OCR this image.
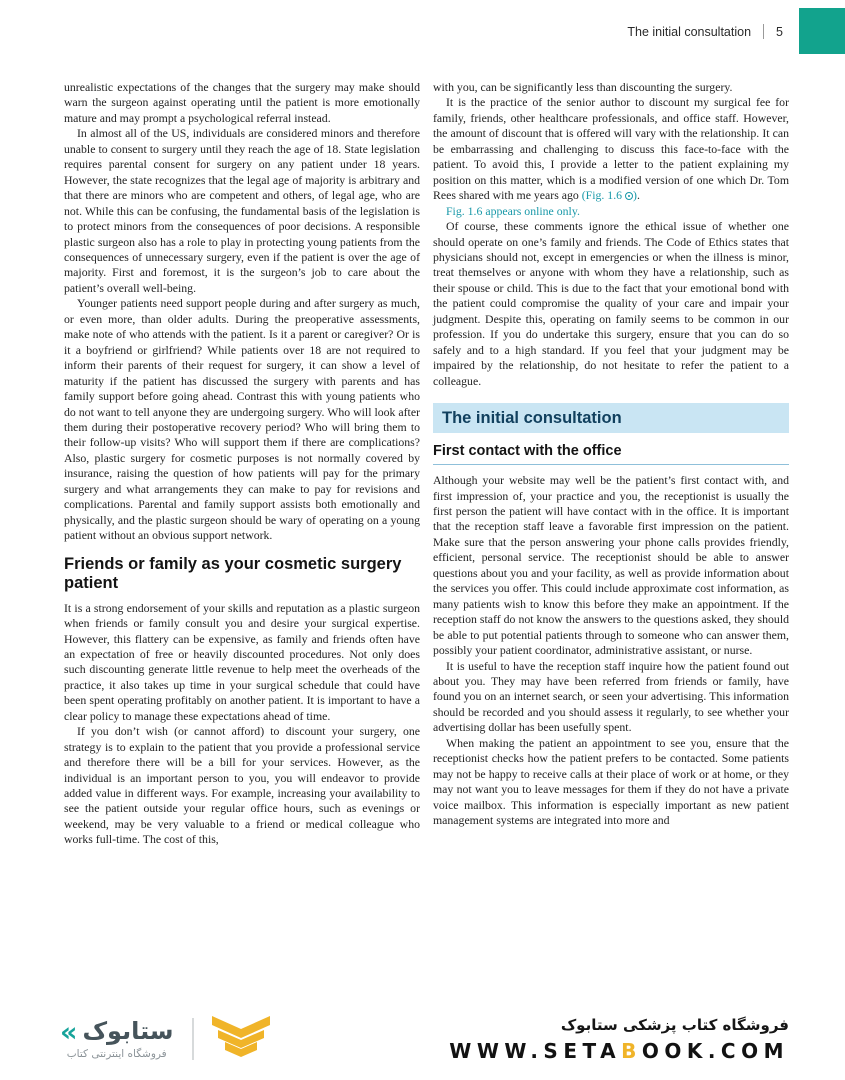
The initial consultation 5

unrealistic expectations of the changes that the surgery may make should warn the surgeon against operating until the patient is more emotionally mature and may prompt a psychological referral instead.

In almost all of the US, individuals are considered minors and therefore unable to consent to surgery until they reach the age of 18. State legislation requires parental consent for surgery on any patient under 18 years. However, the state recognizes that the legal age of majority is arbitrary and that there are minors who are competent and others, of legal age, who are not. While this can be confusing, the fundamental basis of the legislation is to protect minors from the consequences of poor decisions. A responsible plastic surgeon also has a role to play in protecting young patients from the consequences of unnecessary surgery, even if the patient is over the age of majority. First and foremost, it is the surgeon’s job to care about the patient’s overall well-being.

Younger patients need support people during and after surgery as much, or even more, than older adults. During the preoperative assessments, make note of who attends with the patient. Is it a parent or caregiver? Or is it a boyfriend or girlfriend? While patients over 18 are not required to inform their parents of their request for surgery, it can show a level of maturity if the patient has discussed the surgery with parents and has family support before going ahead. Contrast this with young patients who do not want to tell anyone they are undergoing surgery. Who will look after them during their postoperative recovery period? Who will bring them to their follow-up visits? Who will support them if there are complications? Also, plastic surgery for cosmetic purposes is not normally covered by insurance, raising the question of how patients will pay for the primary surgery and what arrangements they can make to pay for revisions and complications. Parental and family support assists both emotionally and physically, and the plastic surgeon should be wary of operating on a young patient without an obvious support network.

Friends or family as your cosmetic surgery patient

It is a strong endorsement of your skills and reputation as a plastic surgeon when friends or family consult you and desire your surgical expertise. However, this flattery can be expensive, as family and friends often have an expectation of free or heavily discounted procedures. Not only does such discounting generate little revenue to help meet the overheads of the practice, it also takes up time in your surgical schedule that could have been spent operating profitably on another patient. It is important to have a clear policy to manage these expectations ahead of time.

If you don’t wish (or cannot afford) to discount your surgery, one strategy is to explain to the patient that you provide a professional service and therefore there will be a bill for your services. However, as the individual is an important person to you, you will endeavor to provide added value in different ways. For example, increasing your availability to see the patient outside your regular office hours, such as evenings or weekend, may be very valuable to a friend or medical colleague who works full-time. The cost of this,

with you, can be significantly less than discounting the surgery.

It is the practice of the senior author to discount my surgical fee for family, friends, other healthcare professionals, and office staff. However, the amount of discount that is offered will vary with the relationship. It can be embarrassing and challenging to discuss this face-to-face with the patient. To avoid this, I provide a letter to the patient explaining my position on this matter, which is a modified version of one which Dr. Tom Rees shared with me years ago (Fig. 1.6 ).

Fig. 1.6 appears online only.

Of course, these comments ignore the ethical issue of whether one should operate on one’s family and friends. The Code of Ethics states that physicians should not, except in emergencies or when the illness is minor, treat themselves or anyone with whom they have a relationship, such as their spouse or child. This is due to the fact that your emotional bond with the patient could compromise the quality of your care and impair your judgment. Despite this, operating on family seems to be common in our profession. If you do undertake this surgery, ensure that you can do so safely and to a high standard. If you feel that your judgment may be impaired by the relationship, do not hesitate to refer the patient to a colleague.

The initial consultation
First contact with the office

Although your website may well be the patient’s first contact with, and first impression of, your practice and you, the receptionist is usually the first person the patient will have contact with in the office. It is important that the reception staff leave a favorable first impression on the patient. Make sure that the person answering your phone calls provides friendly, efficient, personal service. The receptionist should be able to answer questions about you and your facility, as well as provide information about the services you offer. This could include approximate cost information, as many patients wish to know this before they make an appointment. If the reception staff do not know the answers to the questions asked, they should be able to put potential patients through to someone who can answer them, possibly your patient coordinator, administrative assistant, or nurse.

It is useful to have the reception staff inquire how the patient found out about you. They may have been referred from friends or family, have found you on an internet search, or seen your advertising. This information should be recorded and you should assess it regularly, to see whether your advertising dollar has been usefully spent.

When making the patient an appointment to see you, ensure that the receptionist checks how the patient prefers to be contacted. Some patients may not be happy to receive calls at their place of work or at home, or they may not want you to leave messages for them if they do not have a private voice mailbox. This information is especially important as new patient management systems are integrated into more and

« ستابوک
فروشگاه اینترنتی کتاب
فروشگاه کتاب پزشکی ستابوک
WWW.SETABOOK.COM
